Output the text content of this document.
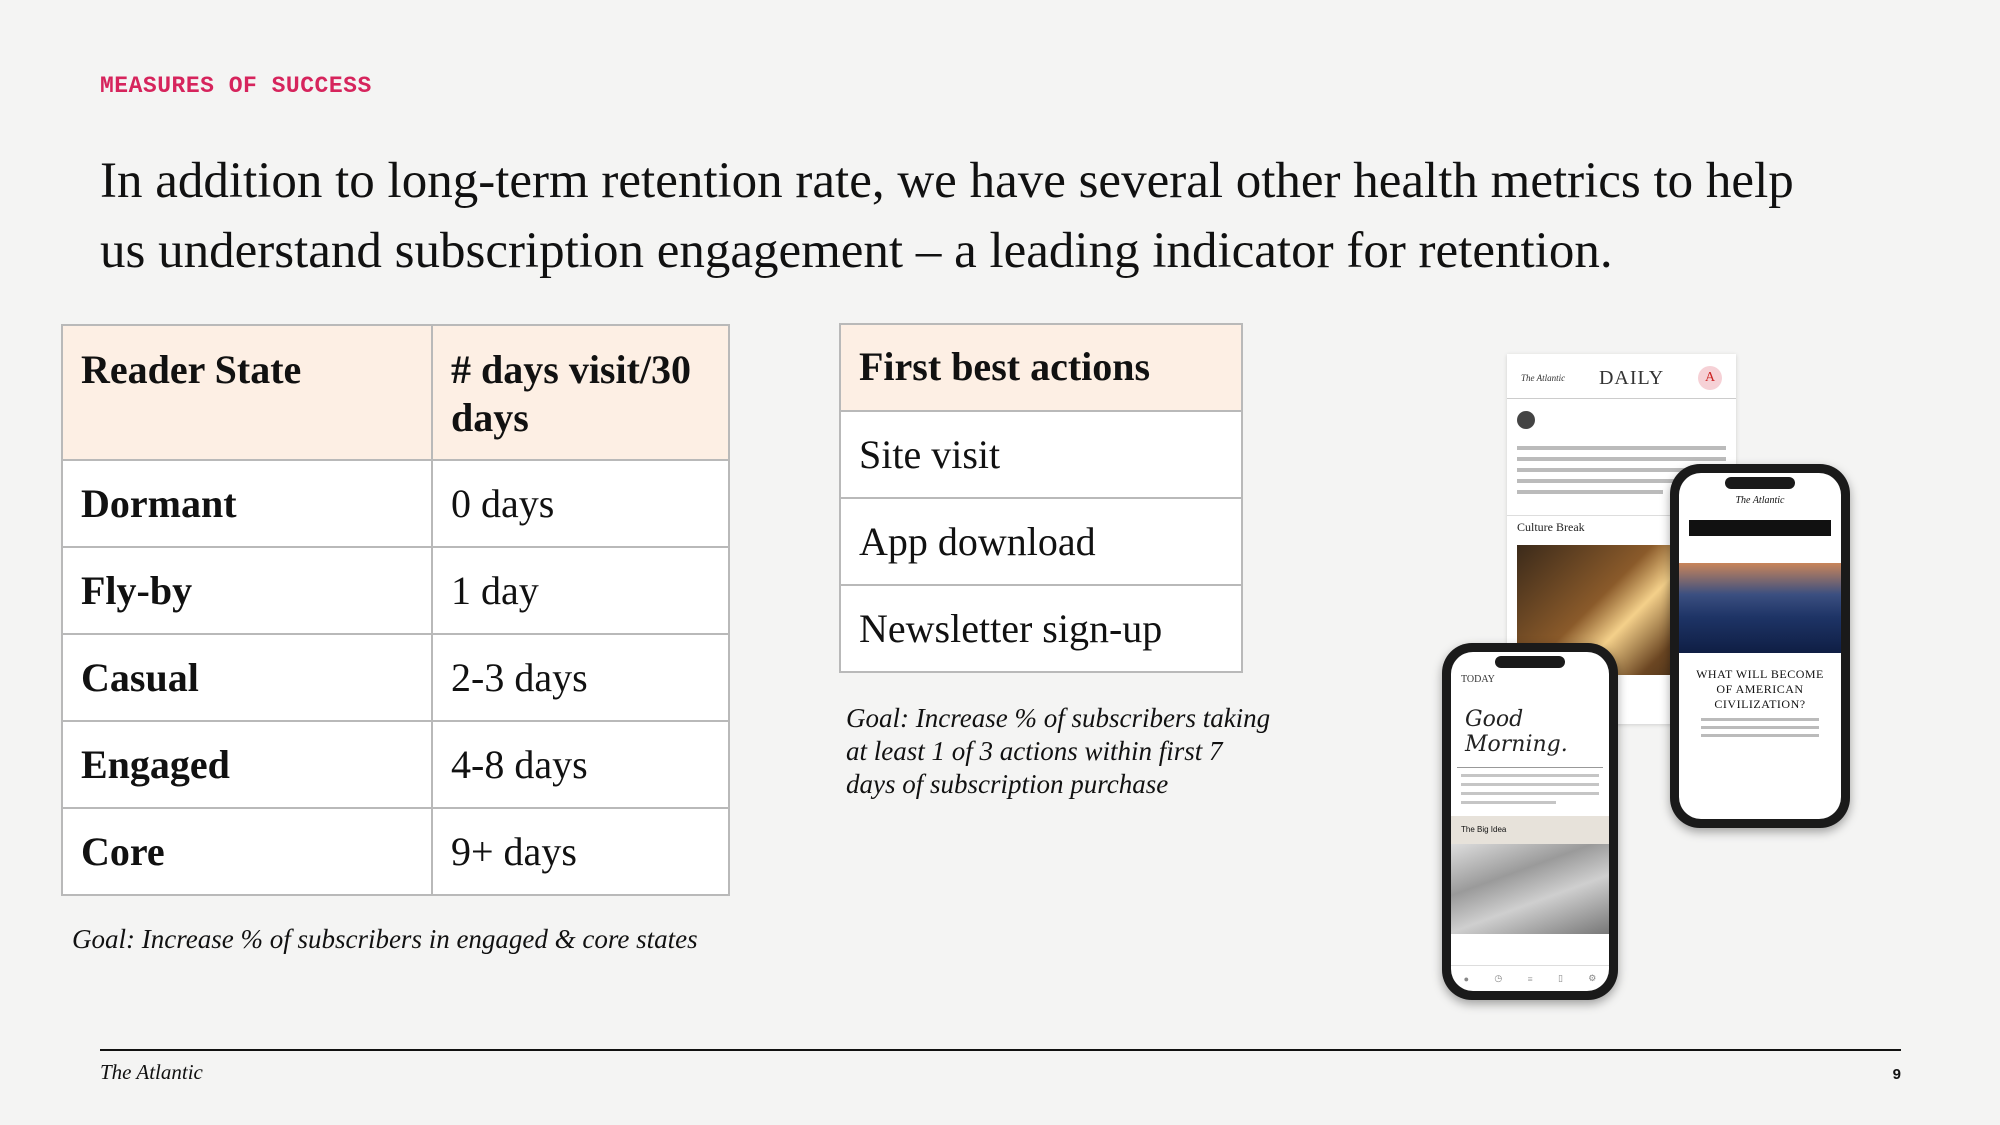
MEASURES OF SUCCESS
In addition to long-term retention rate, we have several other health metrics to help us understand subscription engagement – a leading indicator for retention.
Reader State	# days visit/30 days
Dormant	0 days
Fly-by	1 day
Casual	2-3 days
Engaged	4-8 days
Core	9+ days
Goal: Increase % of subscribers in engaged & core states
First best actions
Site visit
App download
Newsletter sign-up
Goal: Increase % of subscribers taking at least 1 of 3 actions within first 7 days of subscription purchase
The Atlantic DAILY	A
Culture Break
The Atlantic
WHAT WILL BECOME OF AMERICAN CIVILIZATION?
TODAY
Good Morning.
The Big Idea
●	◷	≡	▯	⚙
The Atlantic	9
